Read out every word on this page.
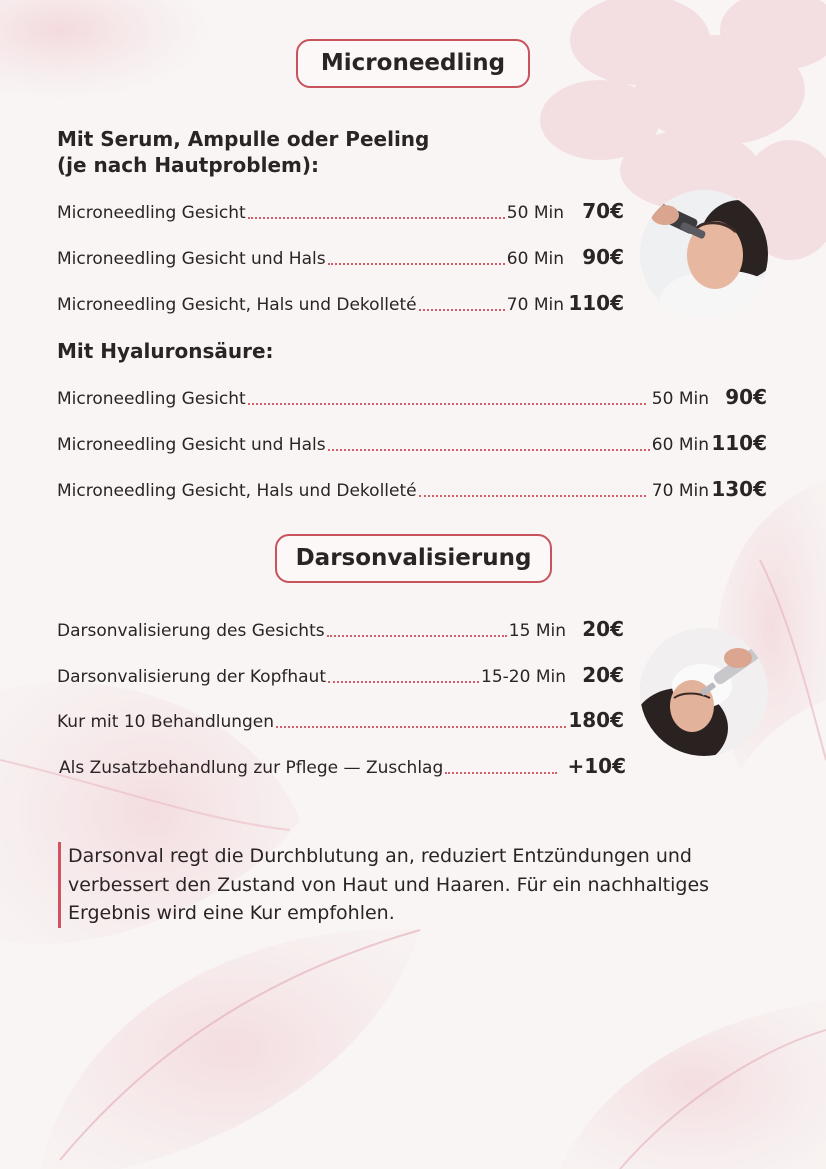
Microneedling
Mit Serum, Ampulle oder Peeling
(je nach Hautproblem):
Microneedling Gesicht	50 Min 70€
Microneedling Gesicht und Hals	60 Min 90€
Microneedling Gesicht, Hals und Dekolleté	70 Min 110€
Mit Hyaluronsäure:
Microneedling Gesicht	50 Min 90€
Microneedling Gesicht und Hals	60 Min 110€
Microneedling Gesicht, Hals und Dekolleté	70 Min 130€
Darsonvalisierung
Darsonvalisierung des Gesichts	15 Min 20€
Darsonvalisierung der Kopfhaut	15-20 Min 20€
Kur mit 10 Behandlungen	180€
Als Zusatzbehandlung zur Pflege — Zuschlag	+10€
Darsonval regt die Durchblutung an, reduziert Entzündungen und verbessert den Zustand von Haut und Haaren. Für ein nachhaltiges Ergebnis wird eine Kur empfohlen.
